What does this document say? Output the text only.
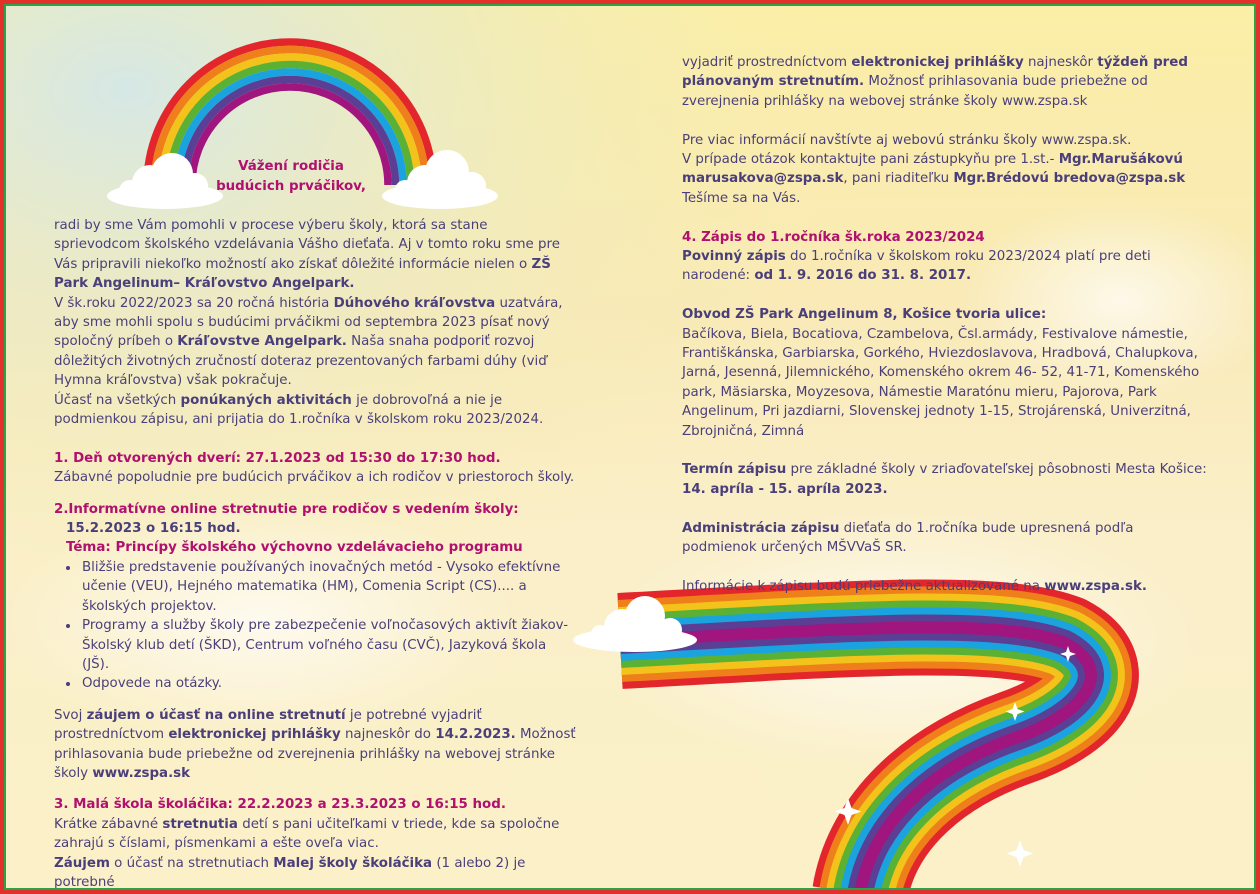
Vážení rodičia budúcich prváčikov,

radi by sme Vám pomohli v procese výberu školy, ktorá sa stane sprievodcom školského vzdelávania Vášho dieťaťa. Aj v tomto roku sme pre Vás pripravili niekoľko možností ako získať dôležité informácie nielen o ZŠ Park Angelinum– Kráľovstvo Angelpark.

V šk.roku 2022/2023 sa 20 ročná história Dúhového kráľovstva uzatvára, aby sme mohli spolu s budúcimi prváčikmi od septembra 2023 písať nový spoločný príbeh o Kráľovstve Angelpark. Naša snaha podporiť rozvoj dôležitých životných zručností doteraz prezentovaných farbami dúhy (viď Hymna kráľovstva) však pokračuje.

Účasť na všetkých ponúkaných aktivitách je dobrovoľná a nie je podmienkou zápisu, ani prijatia do 1.ročníka v školskom roku 2023/2024.

1. Deň otvorených dverí: 27.1.2023 od 15:30 do 17:30 hod.

Zábavné popoludnie pre budúcich prváčikov a ich rodičov v priestoroch školy.

2.Informatívne online stretnutie pre rodičov s vedením školy:

15.2.2023 o 16:15 hod.

Téma: Princípy školského výchovno vzdelávacieho programu

• Bližšie predstavenie používaných inovačných metód - Vysoko efektívne učenie (VEU), Hejného matematika (HM), Comenia Script (CS).... a školských projektov.
• Programy a služby školy pre zabezpečenie voľnočasových aktivít žiakov- Školský klub detí (ŠKD), Centrum voľného času (CVČ), Jazyková škola (JŠ).
• Odpovede na otázky.

Svoj záujem o účasť na online stretnutí je potrebné vyjadriť prostredníctvom elektronickej prihlášky najneskôr do 14.2.2023. Možnosť prihlasovania bude priebežne od zverejnenia prihlášky na webovej stránke školy www.zspa.sk

3. Malá škola školáčika: 22.2.2023 a 23.3.2023 o 16:15 hod.

Krátke zábavné stretnutia detí s pani učiteľkami v triede, kde sa spoločne zahrajú s číslami, písmenkami a ešte oveľa viac.

Záujem o účasť na stretnutiach Malej školy školáčika (1 alebo 2) je potrebné

vyjadriť prostredníctvom elektronickej prihlášky najneskôr týždeň pred plánovaným stretnutím. Možnosť prihlasovania bude priebežne od zverejnenia prihlášky na webovej stránke školy www.zspa.sk

Pre viac informácií navštívte aj webovú stránku školy www.zspa.sk.

V prípade otázok kontaktujte pani zástupkyňu pre 1.st.- Mgr.Marušákovú marusakova@zspa.sk, pani riaditeľku Mgr.Brédovú bredova@zspa.sk

Tešíme sa na Vás.

4. Zápis do 1.ročníka šk.roka 2023/2024

Povinný zápis do 1.ročníka v školskom roku 2023/2024 platí pre deti narodené: od 1. 9. 2016 do 31. 8. 2017.

Obvod ZŠ Park Angelinum 8, Košice tvoria ulice:

Bačíkova, Biela, Bocatiova, Czambelova, Čsl.armády, Festivalove námestie, Františkánska, Garbiarska, Gorkého, Hviezdoslavova, Hradbová, Chalupkova, Jarná, Jesenná, Jilemnického, Komenského okrem 46- 52, 41-71, Komenského park, Mäsiarska, Moyzesova, Námestie Maratónu mieru, Pajorova, Park Angelinum, Pri jazdiarni, Slovenskej jednoty 1-15, Strojárenská, Univerzitná, Zbrojničná, Zimná

Termín zápisu pre základné školy v zriaďovateľskej pôsobnosti Mesta Košice: 14. apríla - 15. apríla 2023.

Administrácia zápisu dieťaťa do 1.ročníka bude upresnená podľa podmienok určených MŠVVaŠ SR.

Informácie k zápisu budú priebežne aktualizované na www.zspa.sk.
